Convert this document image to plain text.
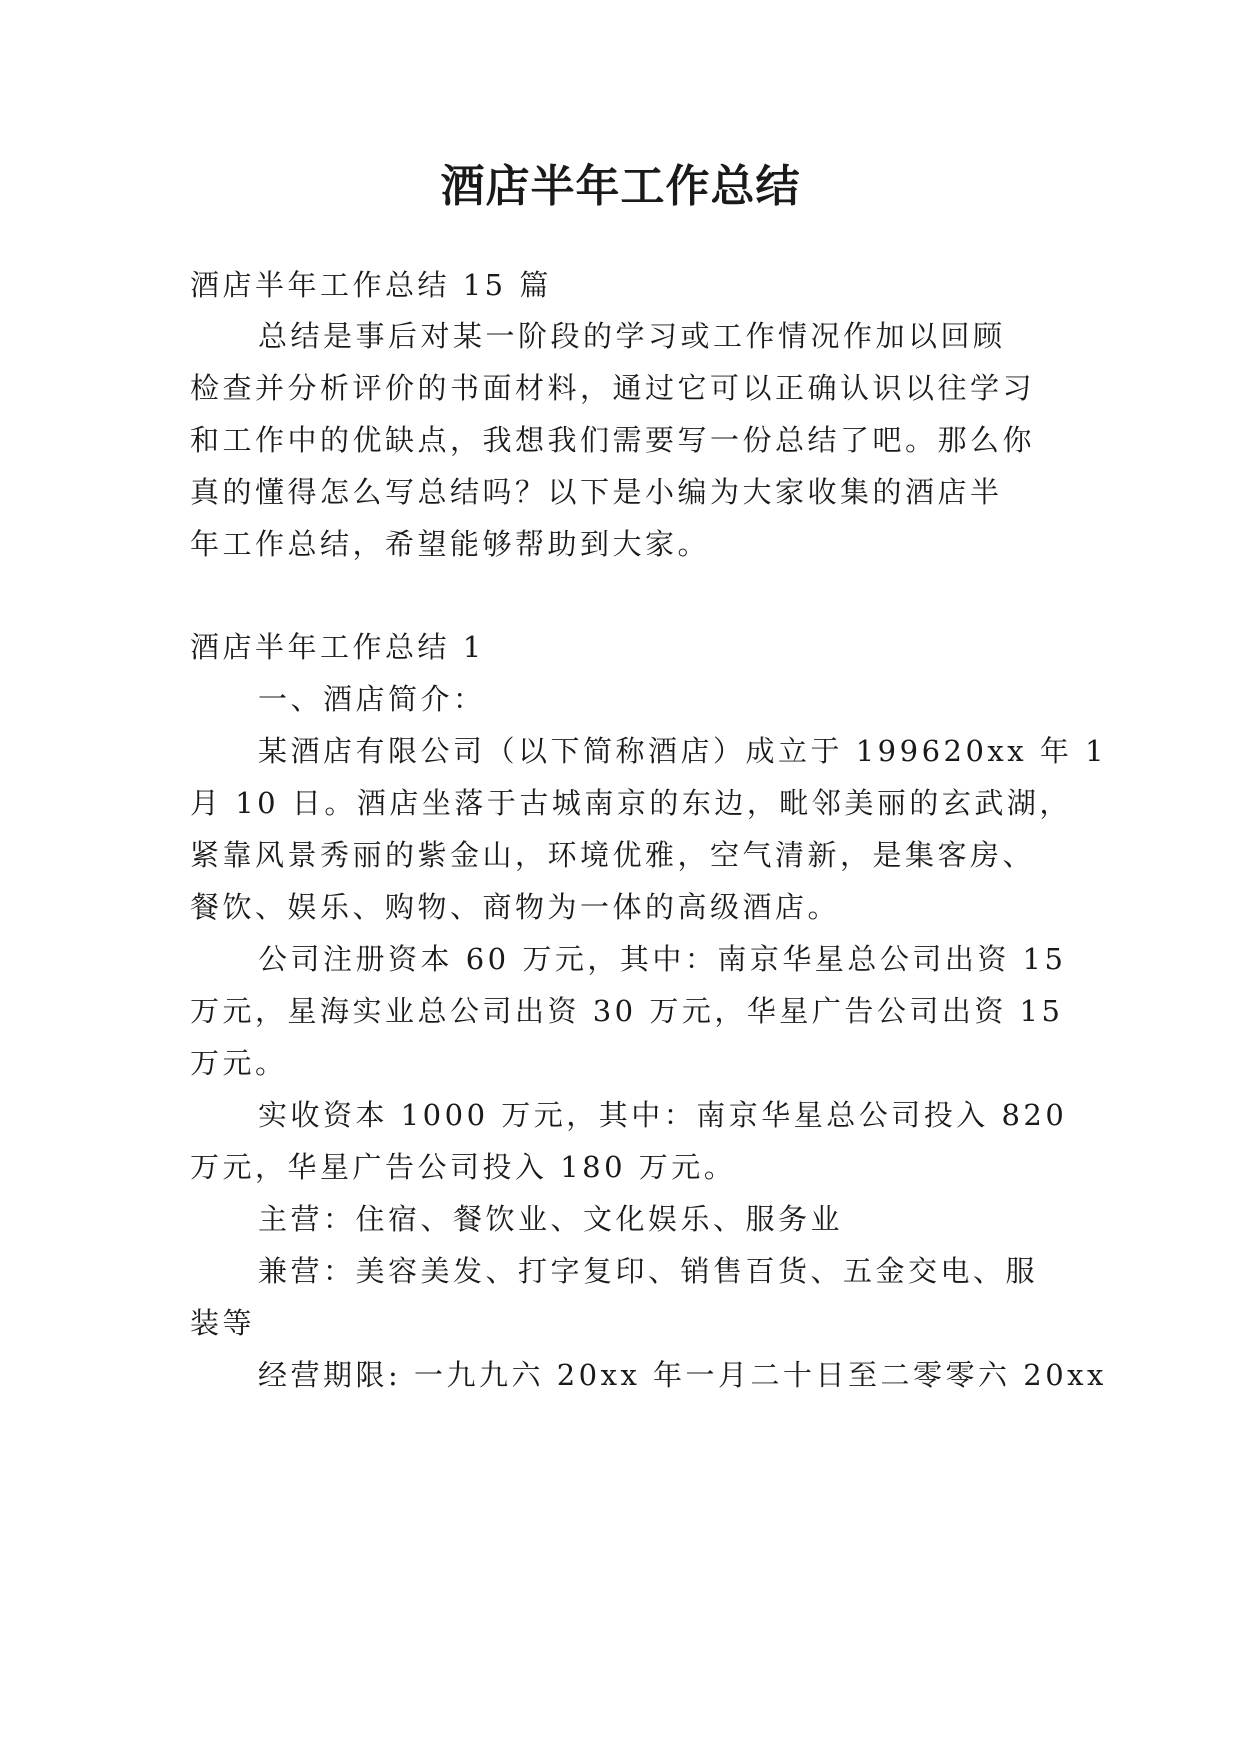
酒店半年工作总结
酒店半年工作总结 15 篇
总结是事后对某一阶段的学习或工作情况作加以回顾
检查并分析评价的书面材料，通过它可以正确认识以往学习
和工作中的优缺点，我想我们需要写一份总结了吧。那么你
真的懂得怎么写总结吗？以下是小编为大家收集的酒店半
年工作总结，希望能够帮助到大家。
酒店半年工作总结 1
一、酒店简介：
某酒店有限公司（以下简称酒店）成立于 199620xx 年 1
月 10 日。酒店坐落于古城南京的东边，毗邻美丽的玄武湖，
紧靠风景秀丽的紫金山，环境优雅，空气清新，是集客房、
餐饮、娱乐、购物、商物为一体的高级酒店。
公司注册资本 60 万元，其中：南京华星总公司出资 15
万元，星海实业总公司出资 30 万元，华星广告公司出资 15
万元。
实收资本 1000 万元，其中：南京华星总公司投入 820
万元，华星广告公司投入 180 万元。
主营：住宿、餐饮业、文化娱乐、服务业
兼营：美容美发、打字复印、销售百货、五金交电、服
装等
经营期限: 一九九六 20xx 年一月二十日至二零零六 20xx
